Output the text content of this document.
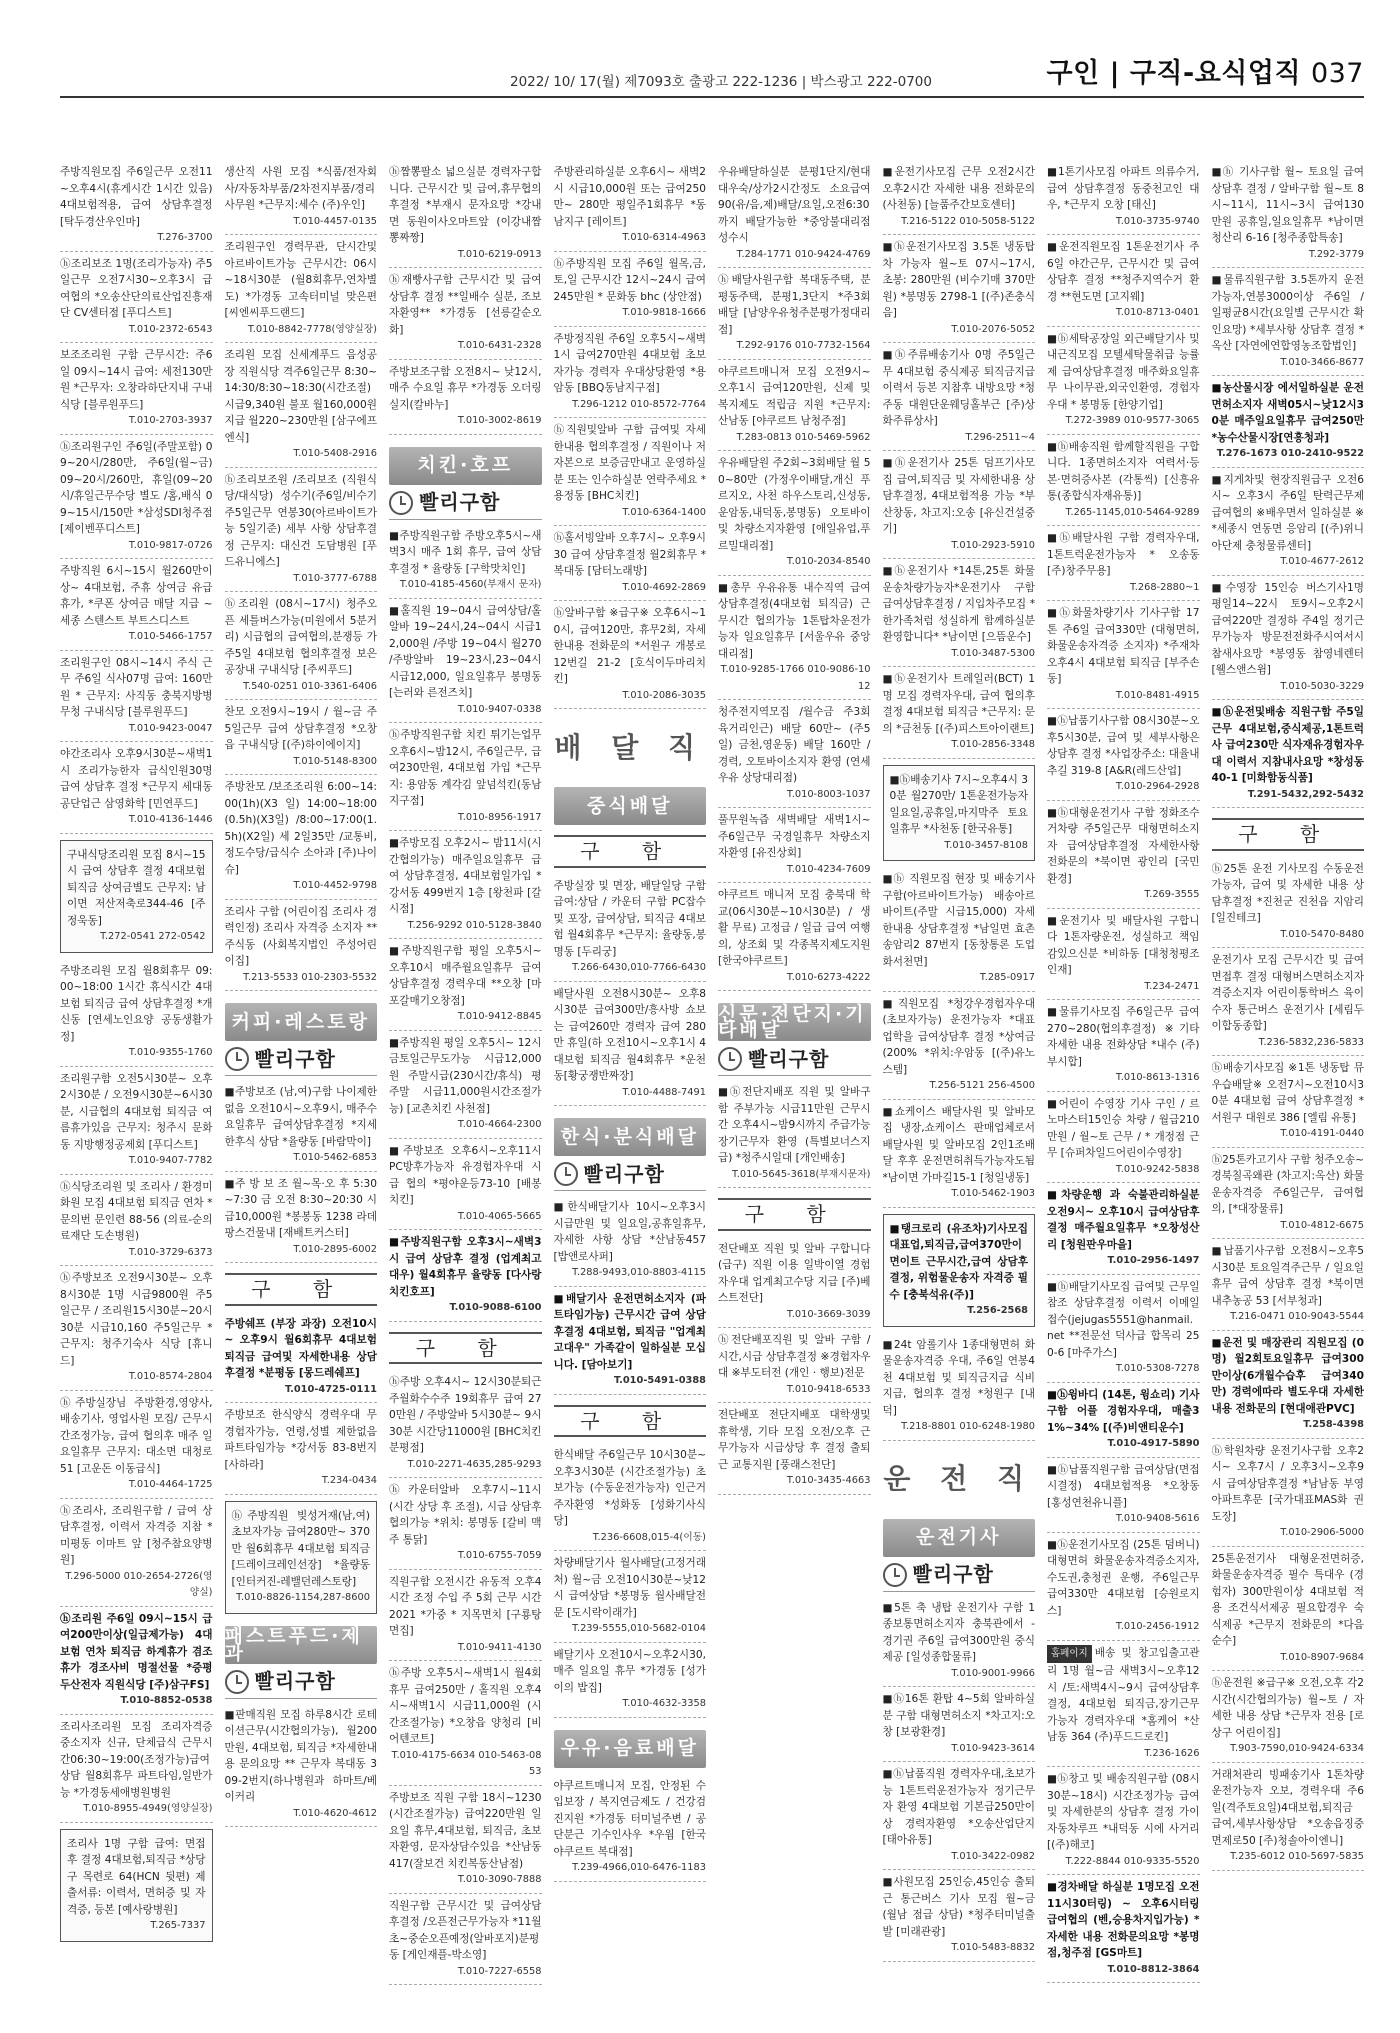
2022/ 10/ 17(월) 제7093호 출광고 222-1236 | 박스광고 222-0700	구인 | 구직-요식업직 037
주방직원모집 주6일근무 오전11~오후4시(휴게시간 1시간 있음) 4대보험적용, 급여 상담후결정 [탁두경산우인마]
T.276-3700
ⓗ조리보조 1명(조리가능자) 주5일근무 오전7시30~오후3시 급여협의 *오송산단의료산업진흥재단 CV센터점 [푸디스트]
T.010-2372-6543
보조조리원 구함 근무시간: 주6일 09시~14시 급여: 세전130만원 *근무자: 오창라하단지내 구내식당 [블루원푸드]
T.010-2703-3937
ⓗ조리원구인 주6일(주말포함) 09~20시/280만, 주6일(월~금) 09~20시/260만, 휴일(09~20시/휴일근무수당 별도 /홈,배식 09~15시/150만 *삼성SDI청주점[제이벤푸디스트]
T.010-9817-0726
주방직원 6시~15시 월260만이상~ 4대보험, 주휴 상여금 유급휴가, *쿠폰 상여금 매달 지급 ~ 세종 스텐스트 부트스디스트
T.010-5466-1757
조리원구인 08시~14시 주식 근무 주6일 식사07명 급여: 160만원 * 근무지: 사직동 충북지방병무청 구내식당 [블루원푸드]
T.010-9423-0047
야간조리사 오후9시30분~새벽1시 조리가능한자 급식인원30명 급여 상담후 결정 *근무지 세대동 공단업근 삼영화학 [민연푸드]
T.010-4136-1446
구내식당조리원 모집 8시~15시 급여 상담후 결정 4대보험 퇴직금 상여금별도 근무지: 남이면 저산저축로344-46 [주정욱동]
T.272-0541 272-0542
주방조리원 모집 월8회휴무 09:00~18:00 1시간 휴식시간 4대보험 퇴직금 급여 상담후결정 *개신동 [연세노인요양 공동생활가정]
T.010-9355-1760
조리원구함 오전5시30분~ 오후2시30분 / 오전9시30분~6시30분, 시급협의 4대보험 퇴직금 여름휴가있음 근무지: 청주시 문화동 지방행정공제회 [푸디스트]
T.010-9407-7782
ⓗ식당조리원 및 조리사 / 환경미화원 모집 4대보험 퇴직금 연차 *문의번 문인련 88-56 (의료-순의료재단 도손병원)
T.010-3729-6373
ⓗ주방보조 오전9시30분~ 오후8시30분 1명 시급9800원 주5일근무 / 조리원15시30분~20시30분 시급10,160 주5일근무 *근무지: 청주기숙사 식당 [휴니드]
T.010-8574-2804
ⓗ주방실장님 주방환경,영양사, 배송기사, 영업사원 모집/ 근무시간조정가능, 급여 협의후 매주 일요일휴무 근무지: 대소면 대청로 51 [고운돈 이동급식]
T.010-4464-1725
ⓗ조리사, 조리원구함 / 급여 상담후결정, 이력서 자격증 지참 * 미평동 이마트 앞 [청주참요양병원]
T.296-5000 010-2654-2726(영양실)
ⓗ조리원 주6일 09시~15시 급여200만이상(일급제가능) 4대보험 연차 퇴직금 하계휴가 겸조휴가 경조사비 명절선물 *증평 두산전자 직원식당 [주)삼구FS]
T.010-8852-0538
조리사조리원 모집 조리자격증 중소지자 신규, 단체급식 근무시간06:30~19:00(조정가능)급여상담 월8회휴무 파트타임,일반가능 *가경동세애병원병원
T.010-8955-4949(영양실장)
조리사 1명 구함 급여: 면접 후 결정 4대보험,퇴직금 *상당구 목련로 64(HCN 뒷편) 제출서류: 이력서, 면허증 및 자격증, 등본 [예사랑병원]
T.265-7337
생산직 사원 모집 *식품/전자회사/자동차부품/2차전지부품/경리사무원 *근무지:세수 (주)우인]
T.010-4457-0135
조리원구인 경력무관, 단시간및 아르바이트가능 근무시간: 06시~18시30분 (월8회휴무,연차별도) *가경동 고속터미널 맞은편[씨엔씨푸드랜드]
T.010-8842-7778(영양실장)
조리원 모집 신세계푸드 음성공장 직원식당 격주6일근무 8:30~14:30/8:30~18:30(시간조절) 시급9,340원 불포 월160,000원 지급 월220~230만원 [삼구에프엔식]
T.010-5408-2916
ⓗ조리보조원 /조리보조 (직원식당/대식당) 성수기(주6일/비수기주5일근무 연봉30(아르바이트가능 5일기준) 세부 사항 상담후결정 근무지: 대신건 도담병원 [푸드유니에스]
T.010-3777-6788
ⓗ조리원 (08시~17시) 청주오픈 세틀버스가능(미원에서 5분거리) 시급협의 급여협의,분쟁등 가 주5일 4대보험 협의후결정 보은공장내 구내식당 [주씨푸드]
T.540-0251 010-3361-6406
찬모 오전9시~19시 / 월~금 주5일근무 급여 상담후결정 *오창읍 구내식당 [(주)하이에이지]
T.010-5148-8300
주방찬모 /보조조리원 6:00~14:00(1h)(X3 일) 14:00~18:00(0.5h)(X3일) /8:00~17:00(1.5h)(X2일) 세 2일35만 /교통비,정도수당/급식수 소아과 [주)나이슈]
T.010-4452-9798
조리사 구함 (어린이집 조리사 경력인정) 조리사 자격증 소지자 **주식동 (사회복지법인 주성어린이집]
T.213-5533 010-2303-5532
커피·레스토랑
빨리구함
■주방보조 (남,여)구함 나이제한 없음 오전10시~오후9시, 매주수요일휴무 급여상담후결정 *지세한후식 상담 *율량동 [바람막이]
T.010-5462-6853
■주 방 보 조 월~목·오 후 5:30~7:30 금 오전 8:30~20:30 시급10,000원 *봉봉동 1238 라데팡스건물내 [재배트커스터]
T.010-2895-6002
구 함
주방쉐프 (부장 과장) 오전10시~ 오후9시 월6회휴무 4대보험 퇴직금 급여및 자세한내용 상담후결정 *분평동 [몽드레쉐프]
T.010-4725-0111
주방보조 한식양식 경력우대 무경험자가능, 연령,성별 제한없음 파트타임가능 *강서동 83-8번지 [사하라]
T.234-0434
ⓗ주방직원 빚성거재(남,여) 초보자가능 급여280만~ 370만 월6회휴무 4대보험 퇴직금 [드레이크레인선장] *율량동 [인터커진-레밸던레스토랑]
T.010-8826-1154,287-8600
패스트푸드·제과
빨리구함
■판매직원 모집 하루8시간 로테이션근무(시간협의가능), 월200만원, 4대보험, 퇴직금 *자세한내용 문의요망 ** 근무자 복대동 309-2번지(하나병원과 하마트/베이커리
T.010-4620-4612
ⓗ짬뽕팔소 넓으실분 경력자구합니다. 근무시간 및 급여,휴무협의후결정 *부재시 문자요망 *강내면 동원이사오마트앞 (이강내짬뽕짜짱]
T.010-6219-0913
ⓗ재빵사구함 근무시간 및 급여상담후 결정 **일배수 실분, 조보자환영** *가경동 [선릉갈순오화]
T.010-6431-2328
주방보조구함 오전8시~ 낮12시, 매주 수요일 휴무 *가경동 오더링실지(칼바누]
T.010-3002-8619
치킨·호프
빨리구함
■주방직원구함 주방오후5시~새벽3시 매주 1회 휴무, 급여 상담후결정 * 율량동 [구학맛치인]
T.010-4185-4560(부재시 문자)
■홀직원 19~04시 급여상담/홀알바 19~24시,24~04시 시급12,000원 /주방 19~04시 월270 /주방알바 19~23시,23~04시 시급12,000, 일요일휴무 봉명동 [는러와 른전즈치]
T.010-9407-0338
ⓗ주방직원구함 치킨 튀기는업무 오후6시~밤12시, 주6일근무, 급여230만원, 4대보험 가입 *근무지: 용암동 계각김 앞넘석킨(동남지구점]
T.010-8956-1917
■주방모집 오후2시~ 밤11시(시간협의가능) 매주일요일휴무 급여 상담후결정, 4대보험일가입 *강서동 499번지 1층 [왕천파 [갈시점]
T.256-9292 010-5128-3840
■주방직원구함 평일 오후5시~오후10시 매주월요일휴무 급여상담후결정 경력우대 **오창 [마포갈매기오창점]
T.010-9412-8845
■주방직원 평일 오후5시~ 12시 금토일근무도가능 시급12,000원 주말시급(230시간/휴식) 평 주말 시급11,000원시간조절가능) [교촌치킨 사천점]
T.010-4664-2300
■주방보조 오후6시~오후11시 PC방후가능자 유경험자우대 시급 협의 *평야운등73-10 [배봉치킨]
T.010-4065-5665
■주방직원구함 오후3시~새벽3시 급여 상담후 결정 (업계최고대우) 월4회휴무 율량동 [다사랑 치킨호프]
T.010-9088-6100
구 함
ⓗ주방 오후4시~ 12시30분퇴근 주월화수수주 19회휴무 급여 270만원 / 주방알바 5시30분~ 9시30분 시간당11000원 [BHC치킨 분평점]
T.010-2271-4635,285-9293
ⓗ카운터알바 오후7시~11시 (시간 상당 후 조절), 시급 상담후협의가능 *위치: 봉명동 [갈비 맥주 통닭]
T.010-6755-7059
직원구함 오전시간 유동적 오후4시간 조정 수입 주 5회 근무 시간 2021 *가중 * 지목면치 [구룡탕면집]
T.010-9411-4130
ⓗ주방 오후5시~새벽1시 월4회휴무 급여250만 / 홀직원 오후4시~새벽1시 시급11,000원 (시간조절가능) *오창읍 양청리 [비어텐코트]
T.010-4175-6634 010-5463-0853
주방보조 직원 구함 18시~1230(시간조절가능) 급여220만원 일요일 휴무,4대보험, 퇴직금, 초보자환영, 문자상담수있음 *산남동 417(잘보건 치킨복동산남점)
T.010-3090-7888
직원구함 근무시간 및 급여상담후결정 /오픈전근무가능자 *11월 초~중순오픈예정(알바포지)분평동 [게인재플-박소영]
T.010-7227-6558
주방관리하실분 오후6시~ 새벽2시 시급10,000원 또는 급여250만~ 280만 평일주1회휴무 *동남지구 [레이트]
T.010-6314-4963
ⓗ주방직원 모집 주6일 월목,금,토,일 근무시간 12시~24시 급여 245만원 * 문화동 bhc (상안점)
T.010-9818-1666
주방정직원 주6일 오후5시~새벽1시 급여270만원 4대보험 초보자가능 경력자 우대상당환영 *용암동 [BBQ동남지구점]
T.296-1212 010-8572-7764
ⓗ직원및알바 구함 급여및 자세한내용 협의후결정 / 직원이나 저자본으로 보증금만내고 운영하실분 또는 인수하실분 연락주세요 *용정동 [BHC치킨]
T.010-6364-1400
ⓗ홀서빙알바 오후7시~ 오후9시30 급여 상담후결정 월2회휴무 *복대동 [담터노래방]
T.010-4692-2869
ⓗ알바구함 ※급구※ 오후6시~10시, 급여120만, 휴무2회, 자세한내용 전화문의 *서원구 개봉로12번길 21-2 [호식이두마리치킨]
T.010-2086-3035
배 달 직
중식배달
구 함
주방실장 및 면장, 배달일당 구함 급여:상담 / 카운터 구함 PC잡수 및 포장, 급여상담, 퇴직금 4대보험 월4회휴무 *근무지: 율량동,봉명동 [두리궁]
T.266-6430,010-7766-6430
배달사원 오전8시30분~ 오후8시30분 급여300만/흥사방 쇼보는 급여260만 경력자 급여 280만 휴일(하 오전10시~오후1시 4대보험 퇴직금 월4회휴무 *운천동[황궁쟁반짜장]
T.010-4488-7491
한식·분식배달
빨리구함
■한식배달기사 10시~오후3시 시급만원 및 일요일,공휴일휴무, 자세한 사항 상담 *산남동457 [밥앤로사퍼]
T.288-9493,010-8803-4115
■배달기사 운전면허소지자 (파트타임가능) 근무시간 급여 상담후결정 4대보험, 퇴직금 "업계최고대우" 가족같이 일하실분 모십니다. [담아보기]
T.010-5491-0388
구 함
한식배달 주6일근무 10시30분~오후3시30분 (시간조절가능) 초보가능 (수동운전가능자) 인근거주자환영 *성화동 [성화기사식당]
T.236-6608,015-4(이동)
차량배달기사 월사배달(고정거래처) 월~금 오전10시30분~낮12시 급여상담 *봉명동 월사배달전문 [도시락이래가]
T.239-5555,010-5682-0104
배달기사 오전10시~오후2시30, 매주 일요일 휴무 *가경동 [성가이의 밥집]
T.010-4632-3358
우유·음료배달
야쿠르트매니저 모집, 안정된 수입보장 / 복지연금제도 / 건강검진지원 *가경동 터미널주변 / 공단분근 기수인사우 *우웜 [한국야쿠르트 복대점]
T.239-4966,010-6476-1183
우유배달하실분 분평1단지/현대대우숙/상가2시간정도 소요급여90(유/음,제)배달/요일,오전6:30까지 배달가능한 *중앙불대리점 성수시
T.284-1771 010-9424-4769
ⓗ배달사원구함 복대동주택, 분평동주택, 분평1,3단지 *주3회 배달 [남양우유청주분평가정대리점]
T.292-9176 010-7732-1564
야쿠르트매니저 모집 오전9시~오후1시 급여120만원, 신제 및 복지제도 적립금 지원 *근무지: 산남동 [야쿠르트 남청주점]
T.283-0813 010-5469-5962
우유배달원 주2회~3회배달 월 50~80만 (가정우이배달,개신 푸르지오, 사천 하우스토리,신성동,운암동,내덕동,봉명동) 오토바이 및 차량소지자환영 [애일유업,푸르밀대리점]
T.010-2034-8540
■총무 우유유통 내수직역 급여상담후결정(4대보험 퇴직금) 근무시간 협의가능 1톤탑차운전가능자 일요일휴무 [서울우유 중앙대리점]
T.010-9285-1766 010-9086-1012
청주전지역모집 /월수금 주3회 육거리인근) 배달 60만~ (주5일) 금천,영운동) 배달 160만 / 경력, 오토바이소지자 환영 (연세우유 상당대리점)
T.010-8003-1037
풀무원녹즙 새벽배달 새벽1시~ 주6일근무 국경일휴무 차량소지자환영 [유진상회]
T.010-4234-7609
야쿠르트 매니저 모집 충북대 학교(06시30분~10시30분) / 생활 무료) 고정급 / 일급 급여 여행의, 상조회 및 각종복지제도지원 [한국야쿠르트]
T.010-6273-4222
신문·전단지·기타배달
빨리구함
■ⓗ전단지배포 직원 및 알바구함 주부가능 시급11만원 근무시간 오후4시~밤9시까지 주급가능 장기근무자 환영 (특별보너스지급) *청주시일대 [개인배송]
T.010-5645-3618(부재시문자)
구 함
전단배포 직원 및 알바 구합니다 (급구) 직원 이용 일박이열 경험자우대 업계최고수당 지급 [주)베스트전단]
T.010-3669-3039
ⓗ전단배포직원 및 알바 구함 / 시간,시급 상담후결정 ※경험자우대 ※부도터전 (개인 · 행보)전문
T.010-9418-6533
전단배포 전단지배포 대학생및 휴학생, 기타 모집 오전/오후 근무가능자 시급상당 후 결정 출퇴근 교통지원 [풍래스전단]
T.010-3435-4663
■운전기사모집 근무 오전2시간 오후2시간 자세한 내용 전화문의 (사천동) [늘품주간보호센터]
T.216-5122 010-5058-5122
■ⓗ운전기사모집 3.5톤 냉동탑차 가능자 월~토 07시~17시, 초봉: 280만원 (비수기매 370만원) *봉명동 2798-1 [(주)존충식음]
T.010-2076-5052
■ⓗ주류배송기사 0명 주5일근무 4대보험 중식제공 퇴직금지급 이력서 등본 지참후 내방요망 *청주동 대원단운웨딩홀부근 [주)상화주류상사]
T.296-2511~4
■ⓗ운전기사 25톤 덤프기사모집 급여,퇴직금 및 자세한내용 상담후결정, 4대보험적용 가능 *부산창동, 차고지:오송 [유신건설중기]
T.010-2923-5910
■ⓗ운전기사 *14톤,25톤 화물운송차량가능자*운전기사 구함 급여상담후결정 / 지입차주모집 *한가족처럼 성실하게 함께하실분 환영합니다* *남이면 [으뜸운수]
T.010-3487-5300
■ⓗ운전기사 트레일러(BCT) 1명 모집 경력자우대, 급여 협의후 결정 4대보험 퇴직금 *근무지: 문의 *금천동 [(주)피스트아이랜트]
T.010-2856-3348
■ⓗ배송기사 7시~오후4시 30분 월270만/ 1톤운전가능자 일요일,공휴일,마지막주 토요일휴무 *사천동 [한국유통]
T.010-3457-8108
■ⓗ 직원모집 현장 및 배송기사구함(아르바이트가능) 배송아르바이트(주말 시급15,000) 자세한내용 상담후결정 *남일면 효촌송암리2 87번지 [동창통론 도업화서천면]
T.285-0917
■직원모집 *청강우경험자우대 (초보자가능) 운전가능자 *대표업학을 급여상담후 결정 *상여금(200% *위치:우암동 [(주)유노스템]
T.256-5121 256-4500
■쇼케이스 배달사원 및 알바모집 냉장,쇼케이스 판매업체로서 배달사원 및 알바모집 2인1조배달 후후 운전면허취득가능자도됨 *남이면 가마길15-1 [청일냉동]
T.010-5462-1903
■탱크로리 (유조차)기사모집대표업,퇴직금,급여370만이면이트 근무시간,급여 상담후결정, 위험물운송자 자격증 필수 [충북석유(주)]
T.256-2568
■24t 암롤기사 1종대형면허 화물운송자격증 우대, 주6일 연봉4천 4대보험 및 퇴직금지급 식비지급, 협의후 결정 *청원구 [내덕]
T.218-8801 010-6248-1980
운 전 직
운전기사
빨리구함
■5톤 축 냉탑 운전기사 구함 1종보통면허소지자 충북관에서 -경기권 주6일 급여300만원 중식제공 [일성종합물류]
T.010-9001-9966
■ⓗ16톤 환탑 4~5회 알바하실분 구함 대형면허소지 *차고지:오창 [보광환경]
T.010-9423-3614
■ⓗ납품직원 경력자우대,초보가능 1톤트럭운전가능자 정기근무자 환영 4대보험 기본급250만이상 경력자환영 *오송산업단지 [태아유통]
T.010-3422-0982
■사원모집 25인승,45인승 출퇴근 통근버스 기사 모집 월~금 (월남 점급 상담) *청주터미널출발 [미래관광]
T.010-5483-8832
■1톤기사모집 아파트 의류수거, 급여 상담후결정 동중천고인 대우, *근무지 오창 [태신]
T.010-3735-9740
■운전직원모집 1톤운전기사 주6일 야간근무, 근무시간 및 급여 상담후 결정 **청주지역수거 환경 **현도면 [고지웨]
T.010-8713-0401
■ⓗ세탁공장일 외근배달기사 및 내근직모집 모텔세탁물취급 능률제 급여상담후결정 매주화요일휴무 나이무관,외국인환영, 경험자우대 * 봉명동 [한양기업]
T.272-3989 010-9577-3065
■ⓗ배송직원 함께할직원을 구합니다. 1종면허소지자 여력서·등본·면허증사본 (각통씩) [신흥유통(종합식자재유통)]
T.265-1145,010-5464-9289
■ⓗ배달사원 구함 경력자우대, 1톤트럭운전가능자 * 오송동 [주)창주무용]
T.268-2880~1
■ⓗ화물차량기사 기사구함 17톤 주6일 급여330만 (대형면허, 화물운송자격증 소지자) *주재차 오후4시 4대보험 퇴직금 [부주손동]
T.010-8481-4915
■ⓗ납품기사구함 08시30분~오후5시30분, 급여 및 세부사항은 상담후 결정 *사업장주소: 대율내추길 319-8 [A&R(레드산업]
T.010-2964-2928
■ⓗ대형운전기사 구함 정화조수거차량 주5일근무 대형면허소지자 급여상담후결정 자세한사항 전화문의 *북이면 광인리 [국민환경]
T.269-3555
■운전기사 및 배달사원 구합니다 1톤자량운전, 성실하고 책임감있으신분 *비하동 [대청청평조인재]
T.234-2471
■물류기사모집 주6일근무 급여270~280(협의후결정) ※기타 자세한 내용 전화상담 *내수 (주)부시합]
T.010-8613-1316
■어린이 수영장 기사 구인 / 르노마스터15인승 차량 / 월급210만원 / 월~토 근무 / * 개정점 근무 [슈퍼차일드어린이수영장]
T.010-9242-5838
■차량운행 과 숙불관리하실분 오전9시~ 오후10시 급여상담후결정 매주월요일휴무 *오창성산리 [청원판우마을]
T.010-2956-1497
■ⓗ배달기사모집 급여및 근무일 참조 상담후결정 이력서 이메일접수(jejugas5551@hanmail.net **전문선 덕사급 합목리 250-6 [마주가스]
T.010-5308-7278
■ⓗ윙바디 (14톤, 윙쇼리) 기사구함 어플 경험자우대, 매출31%~34% [(주)비앤티운수]
T.010-4917-5890
■ⓗ납품직원구함 급여상담(면접시결정) 4대보험적용 *오창동 [홍성연천유니플]
T.010-9408-5616
■ⓗ운전기사모집 (25톤 덤버니) 대형면허 화물운송자격증소지자, 수도권,충청권 운행, 주6일근무 급여330만 4대보험 [승원로지스]
T.010-2456-1912
홈페이지 배송 및 창고입출고관리 1명 월~금 새벽3시~오후12시 /토:새벽4시~9시 급여상담후결정, 4대보험 퇴직금,장기근무가능자 경력자우대 *홈케어 *산남동 364 (주)푸드드로킨]
T.236-1626
■ⓗ창고 및 배송직원구함 (08시30분~18시) 시간조정가능 급여 및 자세한분의 상담후 결정 가이자동차루프 *내덕동 시에 사거리 [(주)해코]
T.222-8844 010-9335-5520
■경차배달 하실분 1명모집 오전11시30터링) ~ 오후6시터링 급여협의 (벤,승용차지입가능) * 자세한 내용 전화문의요망 *봉명점,청주점 [GS마트]
T.010-8812-3864
■ⓗ 기사구함 월~ 토요일 급여 상담후 결정 / 알바구함 월~토 8시~11시, 11시~3시 급여130만원 공휴일,일요일휴무 *남이면 청산리 6-16 [청주종합특송]
T.292-3779
■물류직원구함 3.5톤까지 운전가능자,연봉3000이상 주6일 / 일평균8시간(요일별 근무시간 확인요망) *세부사항 상담후 결정 *옥산 [자연에연합영농조합법인]
T.010-3466-8677
■농산물시장 에서일하실분 운전면허소지자 새벽05시~낮12시30분 매주일요일휴무 급여250만 *농수산물시장[연흥청과]
T.276-1673 010-2410-9522
■지게차및 현장직원급구 오전6시~ 오후3시 주6일 탄력근무제 급여협의 ※배우면서 일하실분 ※ *세종시 연동면 응암리 [(주)위니아단제 충청물류센터]
T.010-4677-2612
■수영장 15인승 버스기사1명 평일14~22시 토9시~오후2시 급여220만 결정하 주4일 정기근무가능자 방문전전화주시여서시 참새사요망 *봉영동 참영네렌터 [웰스앤스윔]
T.010-5030-3229
■ⓗ운전및배송 직원구함 주5일근무 4대보험,중식제공,1톤트럭사 급여230만 식자재유경험자우대 이력서 지참내사요망 *창성동 40-1 [미화함동식품]
T.291-5432,292-5432
구 함
ⓗ25톤 운전 기사모집 수동운전가능자, 급여 및 자세한 내용 상담후결정 *진천군 진천읍 지암리 [일진테크]
T.010-5470-8480
운전기사 모집 근무시간 및 급여 면접후 결정 대형버스면허소지자 격증소지자 어린이통학버스 육이수자 통근버스 운전기사 [세림두이합동종합]
T.236-5832,236-5833
ⓗ배송기사모집 ※1톤 냉동탑 뮤우습배달※ 오전7시~오전10시30분 4대보험 급여 상담후결정 *서원구 대원로 386 [엘림 유통]
T.010-4191-0440
ⓗ25톤카고기사 구함 청주오송~경북칠곡왜관 (차고지:옥산) 화물운송자격증 주6일근무, 급여협의, [*대장물류]
T.010-4812-6675
■납품기사구함 오전8시~오후5시30분 토요일격주근무 / 일요일 휴무 급여 상담후 결정 *북이면 내추농공 53 [서부청과]
T.216-0471 010-9043-5544
■운전 및 매장관리 직원모집 (0명) 월2회토요일휴무 급여300만이상(6개월수습후 급여340만) 경력에따라 별도우대 자세한내용 전화문의 [현대애관PVC]
T.258-4398
ⓗ학원차량 운전기사구함 오후2시~ 오후7시 / 오후3시~오후9시 급여상담후결정 *남남동 부영아파트후문 [국가대표MAS화 권도장]
T.010-2906-5000
25톤운전기사 대형운전면허증, 화물운송자격증 필수 특대우 (경험자) 300만원이상 4대보험 적용 조건식서제공 필요합경우 숙식제공 *근무지 전화문의 *다음순수]
T.010-8907-9684
ⓗ운전원 ※급구※ 오전,오후 각2시간(시간협의가능) 월~토 / 자세한 내용 상담 *근무자 전용 [로 상구 어린이집]
T.903-7590,010-9424-6334
거래처관리 빙패송기사 1톤차량운전가능자 오보, 경력우대 주6일(격주토요일)4대보험,퇴직금 급여,세부사항상담 *오송읍징중면제로50 [주)청솔아이엔니]
T.235-6012 010-5697-5835
